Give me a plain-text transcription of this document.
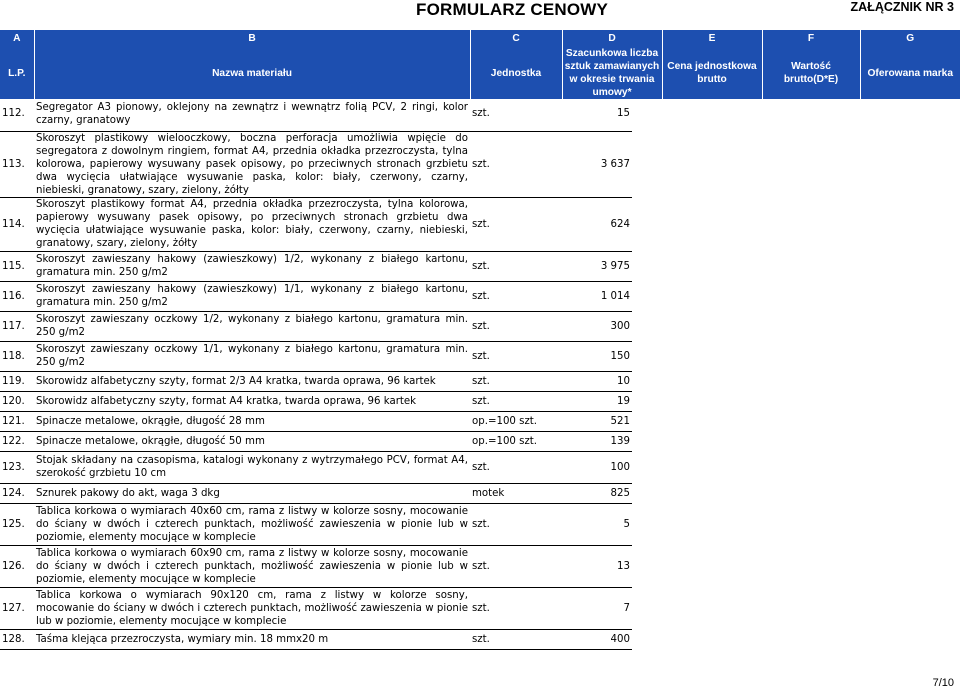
FORMULARZ CENOWY	ZAŁĄCZNIK NR 3
A	B	C	D	E	F	G
L.P.	Nazwa materiału	Jednostka	Szacunkowa liczba sztuk zamawianych w okresie trwania umowy*	Cena jednostkowa brutto	Wartość brutto(D*E)	Oferowana marka
112.	Segregator A3 pionowy, oklejony na zewnątrz i wewnątrz folią PCV, 2 ringi, kolor czarny, granatowy	szt.	15	
113.	Skoroszyt plastikowy wielooczkowy, boczna perforacja umożliwia wpięcie do segregatora z dowolnym ringiem, format A4, przednia okładka przezroczysta, tylna kolorowa, papierowy wysuwany pasek opisowy, po przeciwnych stronach grzbietu dwa wycięcia ułatwiające wysuwanie paska, kolor: biały, czerwony, czarny, niebieski, granatowy, szary, zielony, żółty	szt.	3 637	
114.	Skoroszyt plastikowy format A4, przednia okładka przezroczysta, tylna kolorowa, papierowy wysuwany pasek opisowy, po przeciwnych stronach grzbietu dwa wycięcia ułatwiające wysuwanie paska, kolor: biały, czerwony, czarny, niebieski, granatowy, szary, zielony, żółty	szt.	624	
115.	Skoroszyt zawieszany hakowy (zawieszkowy) 1/2, wykonany z białego kartonu, gramatura min. 250 g/m2	szt.	3 975	
116.	Skoroszyt zawieszany hakowy (zawieszkowy) 1/1, wykonany z białego kartonu, gramatura min. 250 g/m2	szt.	1 014	
117.	Skoroszyt zawieszany oczkowy 1/2, wykonany z białego kartonu, gramatura min. 250 g/m2	szt.	300	
118.	Skoroszyt zawieszany oczkowy 1/1, wykonany z białego kartonu, gramatura min. 250 g/m2	szt.	150	
119.	Skorowidz alfabetyczny szyty, format 2/3 A4 kratka, twarda oprawa, 96 kartek	szt.	10	
120.	Skorowidz alfabetyczny szyty, format A4 kratka, twarda oprawa, 96 kartek	szt.	19	
121.	Spinacze metalowe, okrągłe, długość 28 mm	op.=100 szt.	521	
122.	Spinacze metalowe, okrągłe, długość 50 mm	op.=100 szt.	139	
123.	Stojak składany na czasopisma, katalogi wykonany z wytrzymałego PCV, format A4, szerokość grzbietu 10 cm	szt.	100	
124.	Sznurek pakowy do akt, waga 3 dkg	motek	825	
125.	Tablica korkowa o wymiarach 40x60 cm, rama z listwy w kolorze sosny, mocowanie do ściany w dwóch i czterech punktach, możliwość zawieszenia w pionie lub w poziomie, elementy mocujące w komplecie	szt.	5	
126.	Tablica korkowa o wymiarach 60x90 cm, rama z listwy w kolorze sosny, mocowanie do ściany w dwóch i czterech punktach, możliwość zawieszenia w pionie lub w poziomie, elementy mocujące w komplecie	szt.	13	
127.	Tablica korkowa o wymiarach 90x120 cm, rama z listwy w kolorze sosny, mocowanie do ściany w dwóch i czterech punktach, możliwość zawieszenia w pionie lub w poziomie, elementy mocujące w komplecie	szt.	7	
128.	Taśma klejąca przezroczysta, wymiary min. 18 mmx20 m	szt.	400	
7/10
